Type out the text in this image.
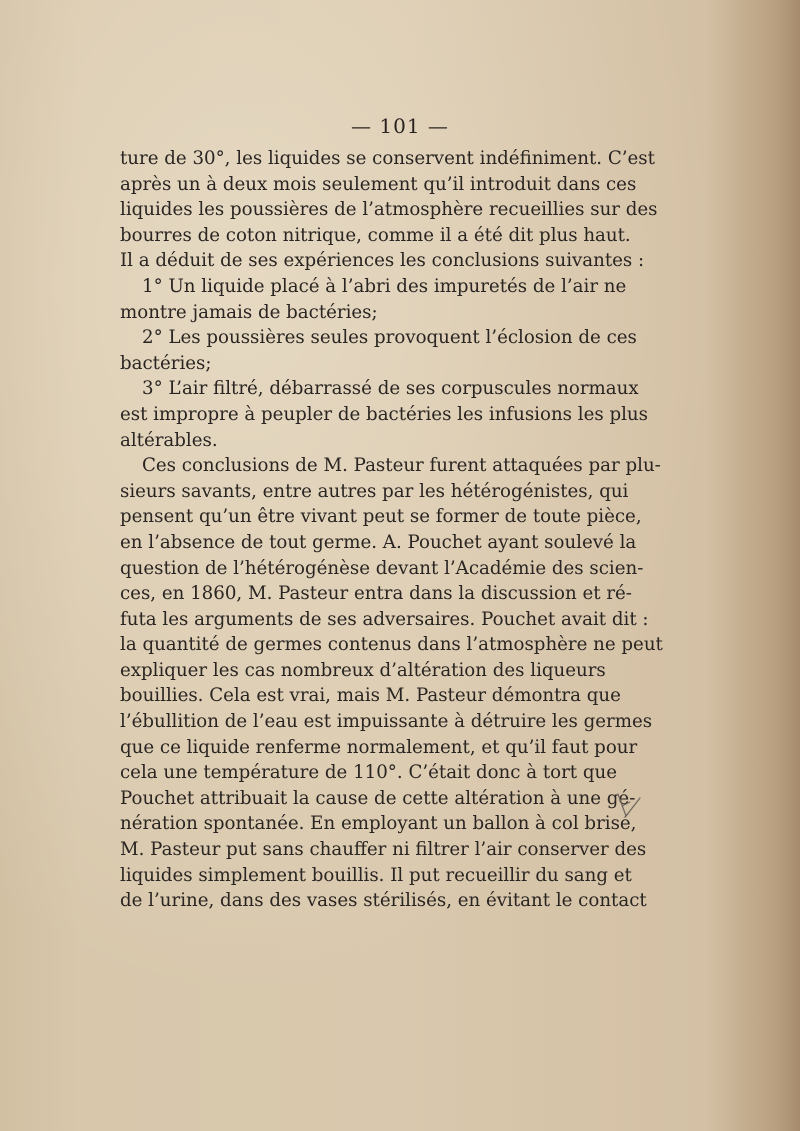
— 101 —
ture de 30°, les liquides se conservent indéfiniment. C’est
après un à deux mois seulement qu’il introduit dans ces
liquides les poussières de l’atmosphère recueillies sur des
bourres de coton nitrique, comme il a été dit plus haut.
Il a déduit de ses expériences les conclusions suivantes :
1° Un liquide placé à l’abri des impuretés de l’air ne
montre jamais de bactéries;
2° Les poussières seules provoquent l’éclosion de ces
bactéries;
3° L’air filtré, débarrassé de ses corpuscules normaux
est impropre à peupler de bactéries les infusions les plus
altérables.
Ces conclusions de M. Pasteur furent attaquées par plu-
sieurs savants, entre autres par les hétérogénistes, qui
pensent qu’un être vivant peut se former de toute pièce,
en l’absence de tout germe. A. Pouchet ayant soulevé la
question de l’hétérogénèse devant l’Académie des scien-
ces, en 1860, M. Pasteur entra dans la discussion et ré-
futa les arguments de ses adversaires. Pouchet avait dit :
la quantité de germes contenus dans l’atmosphère ne peut
expliquer les cas nombreux d’altération des liqueurs
bouillies. Cela est vrai, mais M. Pasteur démontra que
l’ébullition de l’eau est impuissante à détruire les germes
que ce liquide renferme normalement, et qu’il faut pour
cela une température de 110°. C’était donc à tort que
Pouchet attribuait la cause de cette altération à une gé-
nération spontanée. En employant un ballon à col brisé,
M. Pasteur put sans chauffer ni filtrer l’air conserver des
liquides simplement bouillis. Il put recueillir du sang et
de l’urine, dans des vases stérilisés, en évitant le contact
